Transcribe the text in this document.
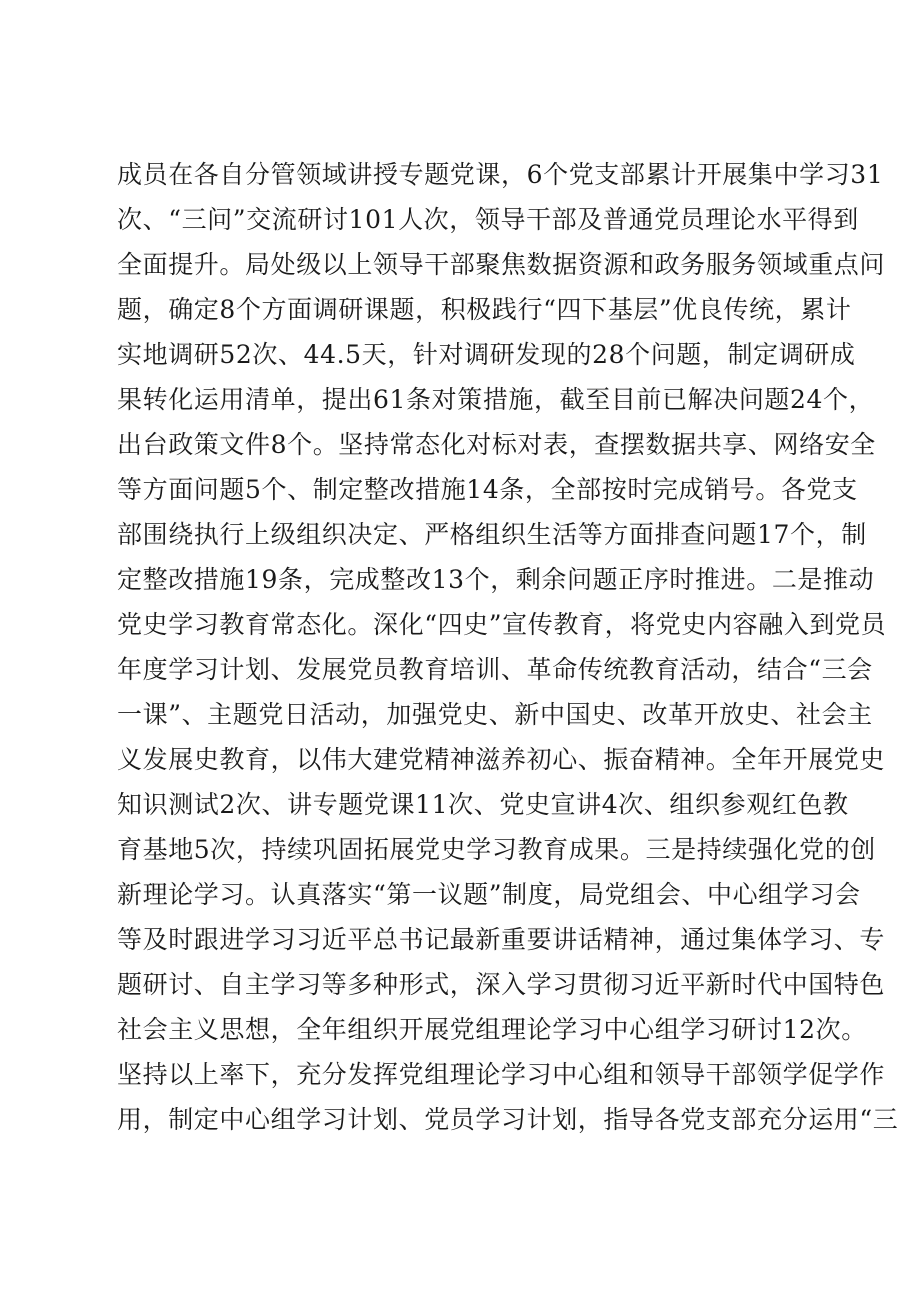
成员在各自分管领域讲授专题党课，6个党支部累计开展集中学习31
次、“三问”交流研讨101人次，领导干部及普通党员理论水平得到
全面提升。局处级以上领导干部聚焦数据资源和政务服务领域重点问
题，确定8个方面调研课题，积极践行“四下基层”优良传统，累计
实地调研52次、44.5天，针对调研发现的28个问题，制定调研成
果转化运用清单，提出61条对策措施，截至目前已解决问题24个，
出台政策文件8个。坚持常态化对标对表，查摆数据共享、网络安全
等方面问题5个、制定整改措施14条，全部按时完成销号。各党支
部围绕执行上级组织决定、严格组织生活等方面排查问题17个，制
定整改措施19条，完成整改13个，剩余问题正序时推进。二是推动
党史学习教育常态化。深化“四史”宣传教育，将党史内容融入到党员
年度学习计划、发展党员教育培训、革命传统教育活动，结合“三会
一课”、主题党日活动，加强党史、新中国史、改革开放史、社会主
义发展史教育，以伟大建党精神滋养初心、振奋精神。全年开展党史
知识测试2次、讲专题党课11次、党史宣讲4次、组织参观红色教
育基地5次，持续巩固拓展党史学习教育成果。三是持续强化党的创
新理论学习。认真落实“第一议题”制度，局党组会、中心组学习会
等及时跟进学习习近平总书记最新重要讲话精神，通过集体学习、专
题研讨、自主学习等多种形式，深入学习贯彻习近平新时代中国特色
社会主义思想，全年组织开展党组理论学习中心组学习研讨12次。
坚持以上率下，充分发挥党组理论学习中心组和领导干部领学促学作
用，制定中心组学习计划、党员学习计划，指导各党支部充分运用“三
